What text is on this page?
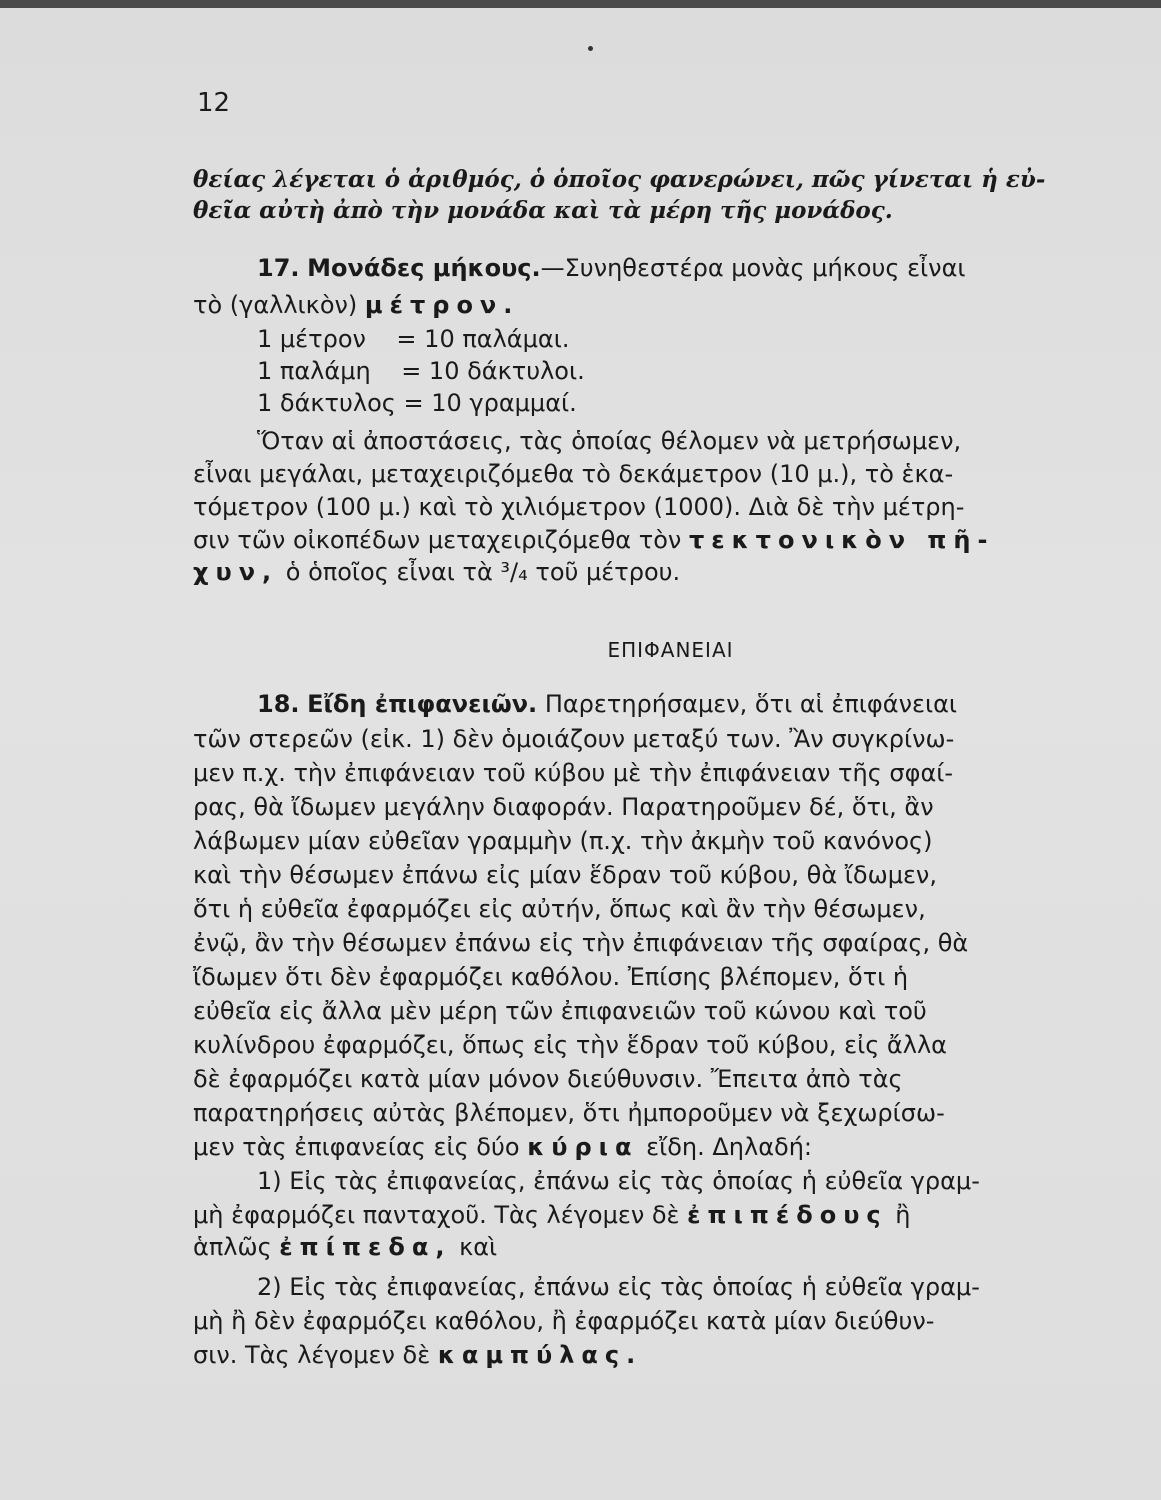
12
θείας λέγεται ὁ ἀριθμός, ὁ ὁποῖος φανερώνει, πῶς γίνεται ἡ εὐ-
θεῖα αὐτὴ ἀπὸ τὴν μονάδα καὶ τὰ μέρη τῆς μονάδος.
17. Μονάδες μήκους.—Συνηθεστέρα μονὰς μήκους εἶναι
τὸ (γαλλικὸν) μέτρον.
1 μέτρον    = 10 παλάμαι.
1 παλάμη    = 10 δάκτυλοι.
1 δάκτυλος = 10 γραμμαί.
Ὅταν αἱ ἀποστάσεις, τὰς ὁποίας θέλομεν νὰ μετρήσωμεν,
εἶναι μεγάλαι, μεταχειριζόμεθα τὸ δεκάμετρον (10 μ.), τὸ ἑκα-
τόμετρον (100 μ.) καὶ τὸ χιλιόμετρον (1000). Διὰ δὲ τὴν μέτρη-
σιν τῶν οἰκοπέδων μεταχειριζόμεθα τὸν τεκτονικὸν πῆ-
χυν, ὁ ὁποῖος εἶναι τὰ ³/₄ τοῦ μέτρου.
ΕΠΙΦΑΝΕΙΑΙ
18. Εἴδη ἐπιφανειῶν. Παρετηρήσαμεν, ὅτι αἱ ἐπιφάνειαι
τῶν στερεῶν (εἰκ. 1) δὲν ὁμοιάζουν μεταξύ των. Ἂν συγκρίνω-
μεν π.χ. τὴν ἐπιφάνειαν τοῦ κύβου μὲ τὴν ἐπιφάνειαν τῆς σφαί-
ρας, θὰ ἴδωμεν μεγάλην διαφοράν. Παρατηροῦμεν δέ, ὅτι, ἂν
λάβωμεν μίαν εὐθεῖαν γραμμὴν (π.χ. τὴν ἀκμὴν τοῦ κανόνος)
καὶ τὴν θέσωμεν ἐπάνω εἰς μίαν ἕδραν τοῦ κύβου, θὰ ἴδωμεν,
ὅτι ἡ εὐθεῖα ἐφαρμόζει εἰς αὐτήν, ὅπως καὶ ἂν τὴν θέσωμεν,
ἐνῷ, ἂν τὴν θέσωμεν ἐπάνω εἰς τὴν ἐπιφάνειαν τῆς σφαίρας, θὰ
ἴδωμεν ὅτι δὲν ἐφαρμόζει καθόλου. Ἐπίσης βλέπομεν, ὅτι ἡ
εὐθεῖα εἰς ἄλλα μὲν μέρη τῶν ἐπιφανειῶν τοῦ κώνου καὶ τοῦ
κυλίνδρου ἐφαρμόζει, ὅπως εἰς τὴν ἕδραν τοῦ κύβου, εἰς ἄλλα
δὲ ἐφαρμόζει κατὰ μίαν μόνον διεύθυνσιν. Ἔπειτα ἀπὸ τὰς
παρατηρήσεις αὐτὰς βλέπομεν, ὅτι ἠμποροῦμεν νὰ ξεχωρίσω-
μεν τὰς ἐπιφανείας εἰς δύο κύρια εἴδη. Δηλαδή:
1) Εἰς τὰς ἐπιφανείας, ἐπάνω εἰς τὰς ὁποίας ἡ εὐθεῖα γραμ-
μὴ ἐφαρμόζει πανταχοῦ. Τὰς λέγομεν δὲ ἐπιπέδους ἢ
ἁπλῶς ἐπίπεδα, καὶ
2) Εἰς τὰς ἐπιφανείας, ἐπάνω εἰς τὰς ὁποίας ἡ εὐθεῖα γραμ-
μὴ ἢ δὲν ἐφαρμόζει καθόλου, ἢ ἐφαρμόζει κατὰ μίαν διεύθυν-
σιν. Τὰς λέγομεν δὲ καμπύλας.
